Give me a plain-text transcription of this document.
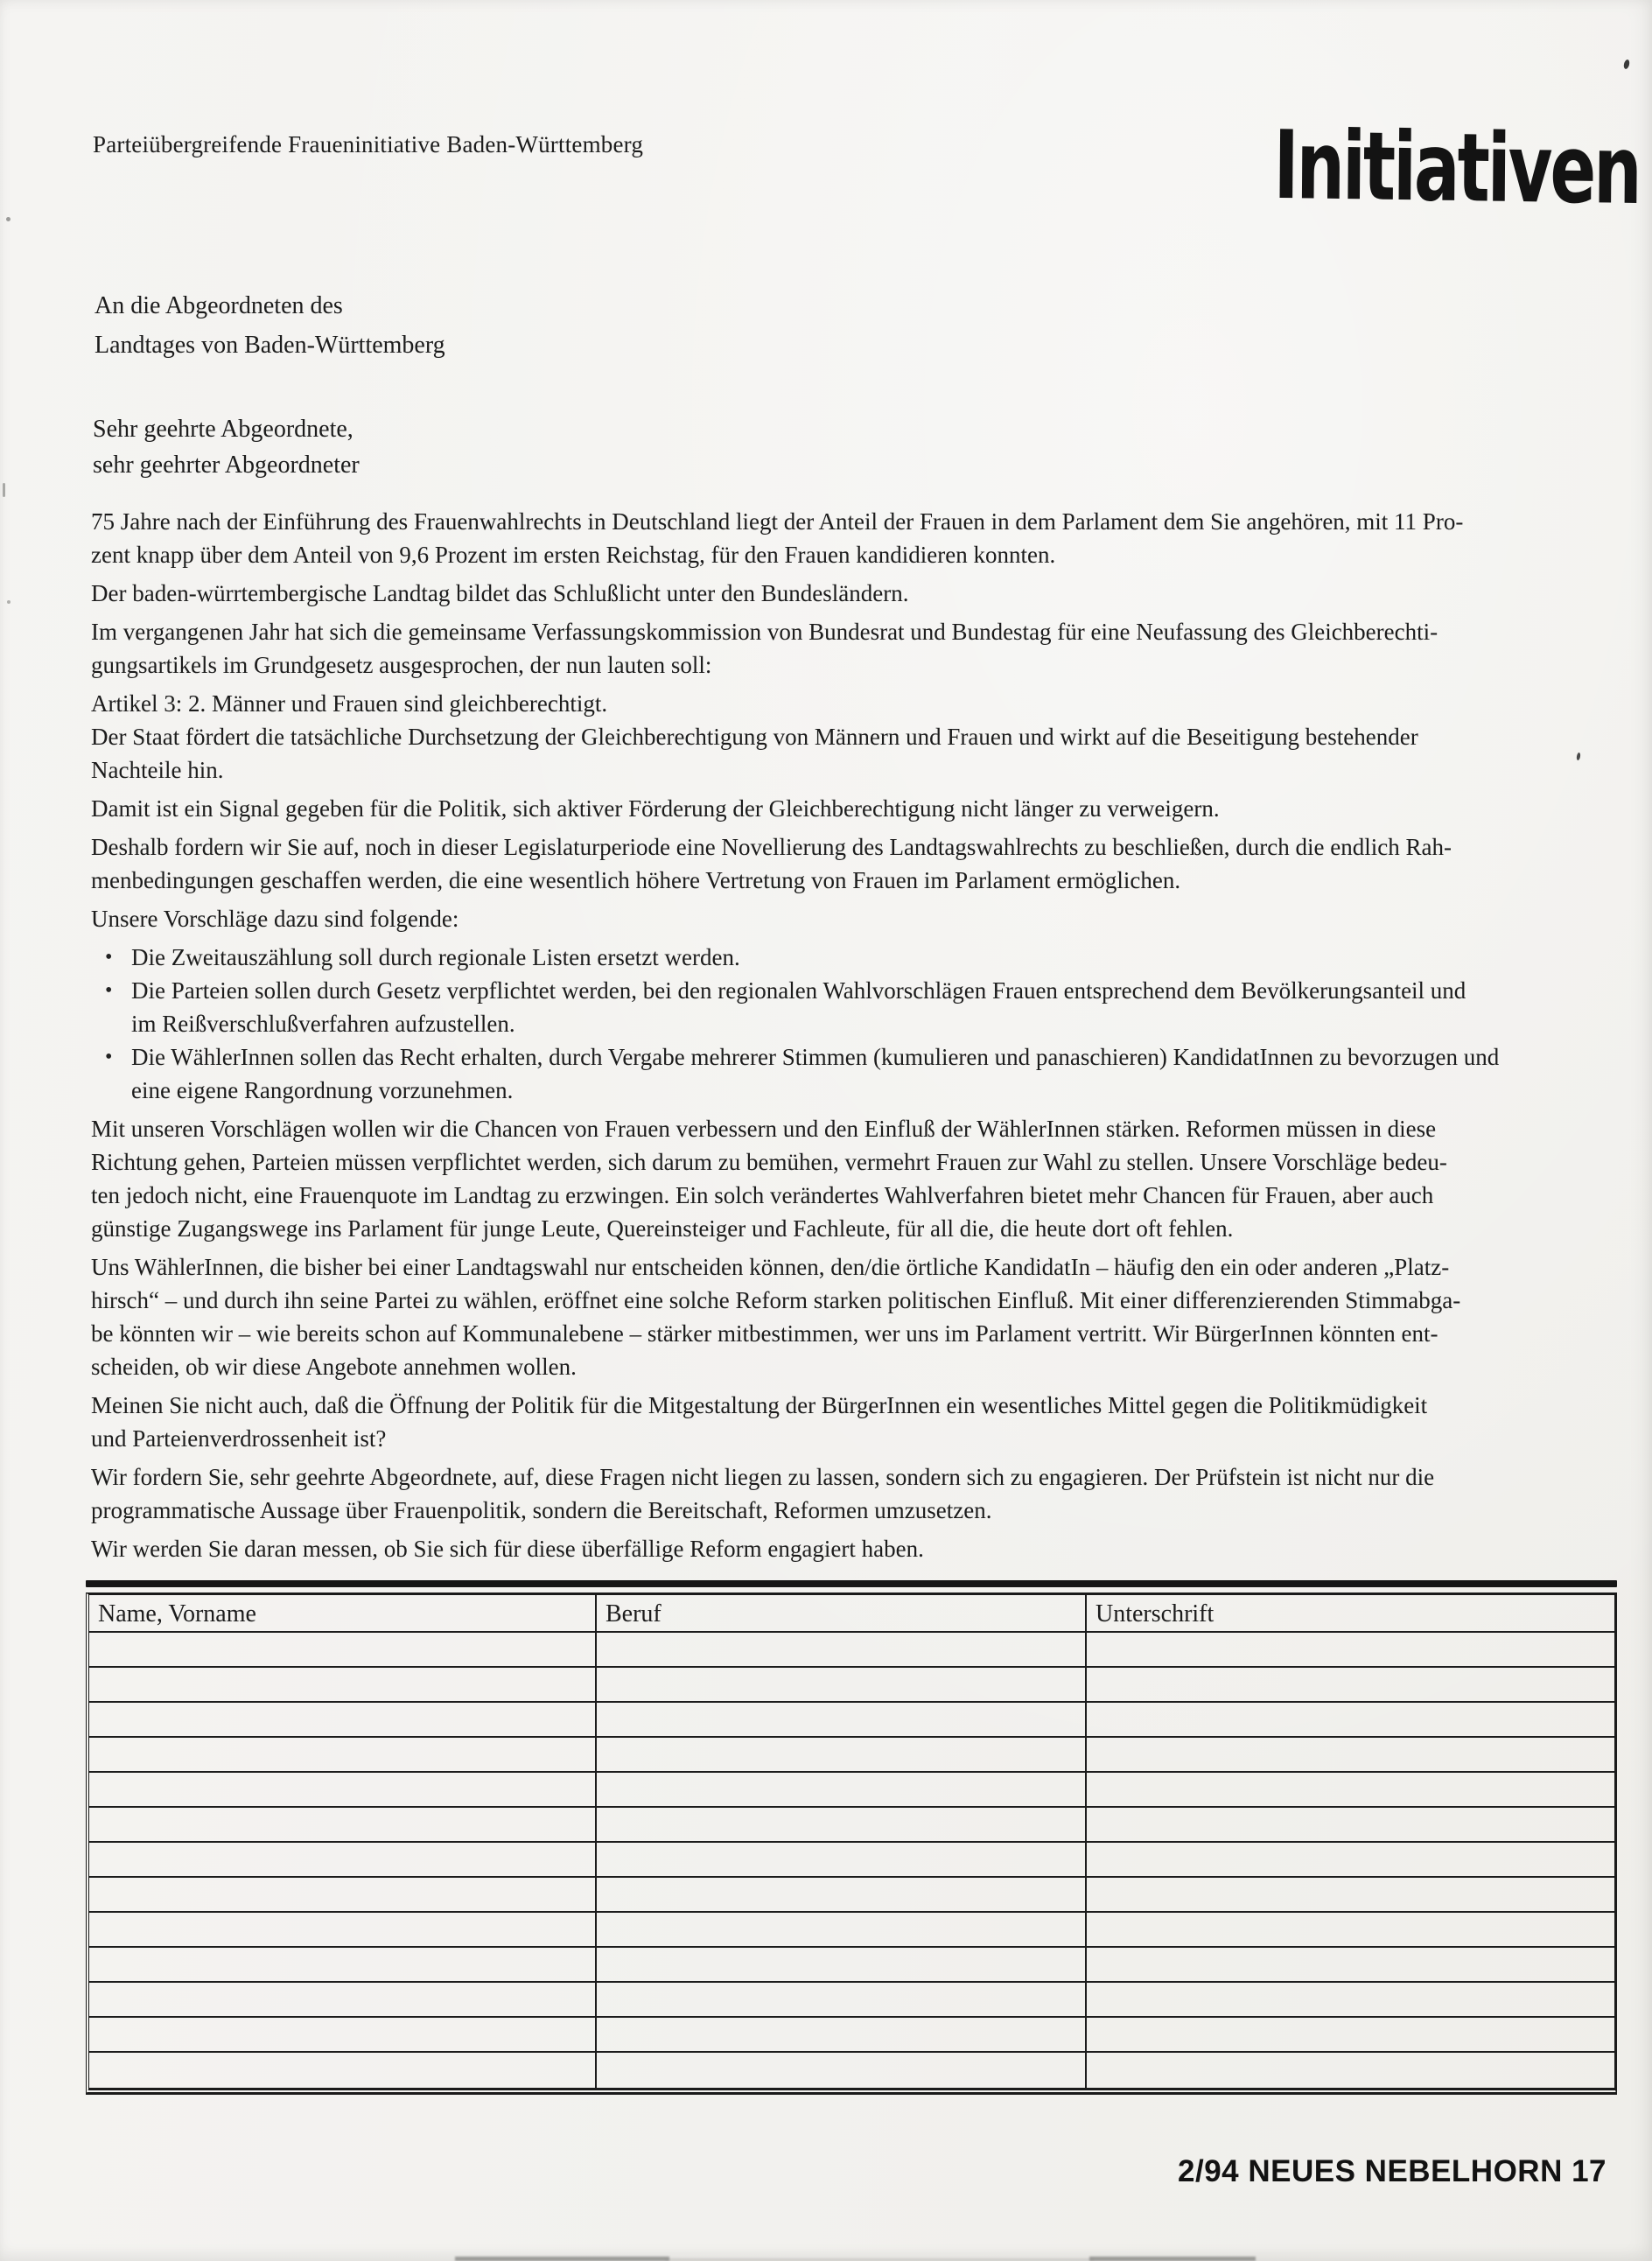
Parteiübergreifende Fraueninitiative Baden-Württemberg	Initiativen
An die Abgeordneten des
Landtages von Baden-Württemberg
Sehr geehrte Abgeordnete,
sehr geehrter Abgeordneter
75 Jahre nach der Einführung des Frauenwahlrechts in Deutschland liegt der Anteil der Frauen in dem Parlament dem Sie angehören, mit 11 Pro-
zent knapp über dem Anteil von 9,6 Prozent im ersten Reichstag, für den Frauen kandidieren konnten.
Der baden-würrtembergische Landtag bildet das Schlußlicht unter den Bundesländern.
Im vergangenen Jahr hat sich die gemeinsame Verfassungskommission von Bundesrat und Bundestag für eine Neufassung des Gleichberechti-
gungsartikels im Grundgesetz ausgesprochen, der nun lauten soll:
Artikel 3: 2. Männer und Frauen sind gleichberechtigt.
Der Staat fördert die tatsächliche Durchsetzung der Gleichberechtigung von Männern und Frauen und wirkt auf die Beseitigung bestehender
Nachteile hin.
Damit ist ein Signal gegeben für die Politik, sich aktiver Förderung der Gleichberechtigung nicht länger zu verweigern.
Deshalb fordern wir Sie auf, noch in dieser Legislaturperiode eine Novellierung des Landtagswahlrechts zu beschließen, durch die endlich Rah-
menbedingungen geschaffen werden, die eine wesentlich höhere Vertretung von Frauen im Parlament ermöglichen.
Unsere Vorschläge dazu sind folgende:
• Die Zweitauszählung soll durch regionale Listen ersetzt werden.
• Die Parteien sollen durch Gesetz verpflichtet werden, bei den regionalen Wahlvorschlägen Frauen entsprechend dem Bevölkerungsanteil und
im Reißverschlußverfahren aufzustellen.
• Die WählerInnen sollen das Recht erhalten, durch Vergabe mehrerer Stimmen (kumulieren und panaschieren) KandidatInnen zu bevorzugen und
eine eigene Rangordnung vorzunehmen.
Mit unseren Vorschlägen wollen wir die Chancen von Frauen verbessern und den Einfluß der WählerInnen stärken. Reformen müssen in diese
Richtung gehen, Parteien müssen verpflichtet werden, sich darum zu bemühen, vermehrt Frauen zur Wahl zu stellen. Unsere Vorschläge bedeu-
ten jedoch nicht, eine Frauenquote im Landtag zu erzwingen. Ein solch verändertes Wahlverfahren bietet mehr Chancen für Frauen, aber auch
günstige Zugangswege ins Parlament für junge Leute, Quereinsteiger und Fachleute, für all die, die heute dort oft fehlen.
Uns WählerInnen, die bisher bei einer Landtagswahl nur entscheiden können, den/die örtliche KandidatIn – häufig den ein oder anderen „Platz-
hirsch“ – und durch ihn seine Partei zu wählen, eröffnet eine solche Reform starken politischen Einfluß. Mit einer differenzierenden Stimmabga-
be könnten wir – wie bereits schon auf Kommunalebene – stärker mitbestimmen, wer uns im Parlament vertritt. Wir BürgerInnen könnten ent-
scheiden, ob wir diese Angebote annehmen wollen.
Meinen Sie nicht auch, daß die Öffnung der Politik für die Mitgestaltung der BürgerInnen ein wesentliches Mittel gegen die Politikmüdigkeit
und Parteienverdrossenheit ist?
Wir fordern Sie, sehr geehrte Abgeordnete, auf, diese Fragen nicht liegen zu lassen, sondern sich zu engagieren. Der Prüfstein ist nicht nur die
programmatische Aussage über Frauenpolitik, sondern die Bereitschaft, Reformen umzusetzen.
Wir werden Sie daran messen, ob Sie sich für diese überfällige Reform engagiert haben.
Name, Vorname	Beruf	Unterschrift
2/94 NEUES NEBELHORN 17
